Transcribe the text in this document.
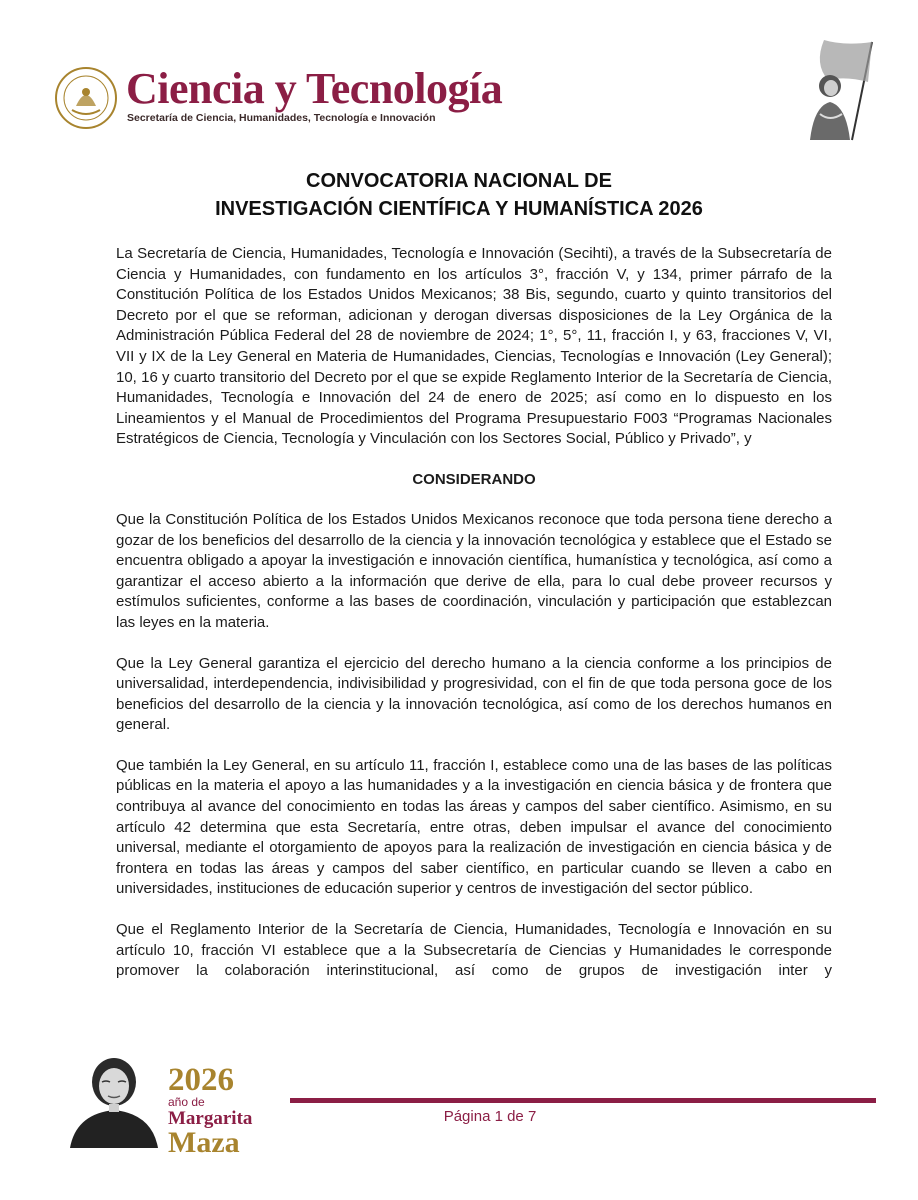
Ciencia y Tecnología
Secretaría de Ciencia, Humanidades, Tecnología e Innovación
CONVOCATORIA NACIONAL DE
INVESTIGACIÓN CIENTÍFICA Y HUMANÍSTICA 2026

La Secretaría de Ciencia, Humanidades, Tecnología e Innovación (Secihti), a través de la Subsecretaría de Ciencia y Humanidades, con fundamento en los artículos 3°, fracción V, y 134, primer párrafo de la Constitución Política de los Estados Unidos Mexicanos; 38 Bis, segundo, cuarto y quinto transitorios del Decreto por el que se reforman, adicionan y derogan diversas disposiciones de la Ley Orgánica de la Administración Pública Federal del 28 de noviembre de 2024; 1°, 5°, 11, fracción I, y 63, fracciones V, VI, VII y IX de la Ley General en Materia de Humanidades, Ciencias, Tecnologías e Innovación (Ley General); 10, 16 y cuarto transitorio del Decreto por el que se expide Reglamento Interior de la Secretaría de Ciencia, Humanidades, Tecnología e Innovación del 24 de enero de 2025; así como en lo dispuesto en los Lineamientos y el Manual de Procedimientos del Programa Presupuestario F003 “Programas Nacionales Estratégicos de Ciencia, Tecnología y Vinculación con los Sectores Social, Público y Privado”, y

CONSIDERANDO

Que la Constitución Política de los Estados Unidos Mexicanos reconoce que toda persona tiene derecho a gozar de los beneficios del desarrollo de la ciencia y la innovación tecnológica y establece que el Estado se encuentra obligado a apoyar la investigación e innovación científica, humanística y tecnológica, así como a garantizar el acceso abierto a la información que derive de ella, para lo cual debe proveer recursos y estímulos suficientes, conforme a las bases de coordinación, vinculación y participación que establezcan las leyes en la materia.

Que la Ley General garantiza el ejercicio del derecho humano a la ciencia conforme a los principios de universalidad, interdependencia, indivisibilidad y progresividad, con el fin de que toda persona goce de los beneficios del desarrollo de la ciencia y la innovación tecnológica, así como de los derechos humanos en general.

Que también la Ley General, en su artículo 11, fracción I, establece como una de las bases de las políticas públicas en la materia el apoyo a las humanidades y a la investigación en ciencia básica y de frontera que contribuya al avance del conocimiento en todas las áreas y campos del saber científico. Asimismo, en su artículo 42 determina que esta Secretaría, entre otras, deben impulsar el avance del conocimiento universal, mediante el otorgamiento de apoyos para la realización de investigación en ciencia básica y de frontera en todas las áreas y campos del saber científico, en particular cuando se lleven a cabo en universidades, instituciones de educación superior y centros de investigación del sector público.

Que el Reglamento Interior de la Secretaría de Ciencia, Humanidades, Tecnología e Innovación en su artículo 10, fracción VI establece que a la Subsecretaría de Ciencias y Humanidades le corresponde promover la colaboración interinstitucional, así como de grupos de investigación inter y

2026
año de
Margarita
Maza
Página 1 de 7
